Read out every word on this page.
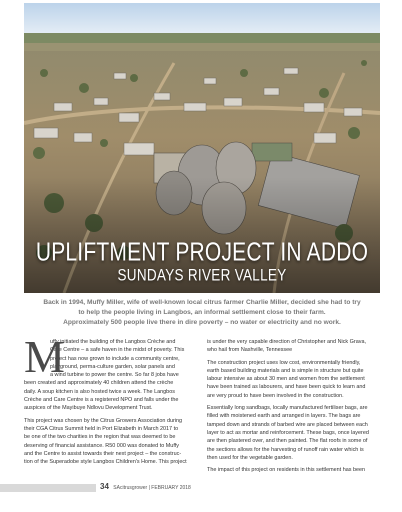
UPLIFTMENT PROJECT IN ADDO
SUNDAYS RIVER VALLEY
Back in 1994, Muffy Miller, wife of well-known local citrus farmer Charlie Miller, decided she had to try
to help the people living in Langbos, an informal settlement close to their farm.
Approximately 500 people live there in dire poverty – no water or electricity and no work.

M
uffy initiated the building of the Langbos Crèche and
Care Centre – a safe haven in the midst of poverty. This
project has now grown to include a community centre,
playground, perma-culture garden, solar panels and
a wind turbine to power the centre. So far 8 jobs have
been created and approximately 40 children attend the crèche
daily. A soup kitchen is also hosted twice a week. The Langbos
Crèche and Care Centre is a registered NPO and falls under the
auspices of the Mayibuye Ndlovu Development Trust.

This project was chosen by the Citrus Growers Association during
their CGA Citrus Summit held in Port Elizabeth in March 2017 to
be one of the two charities in the region that was deemed to be
deserving of financial assistance. R50 000 was donated to Muffy
and the Centre to assist towards their next project – the construc-
tion of the Superadobe style Langbos Children's Home. This project

is under the very capable direction of Christopher and Nick Grava,
who hail from Nashville, Tennessee

The construction project uses low cost, environmentally friendly,
earth based building materials and is simple in structure but quite
labour intensive as about 30 men and women from the settlement
have been trained as labourers, and have been quick to learn and
are very proud to have been involved in the construction.

Essentially long sandbags, locally manufactured fertiliser bags, are
filled with moistened earth and arranged in layers. The bags are
tamped down and strands of barbed wire are placed between each
layer to act as mortar and reinforcement. These bags, once layered
are then plastered over, and then painted. The flat roofs in some of
the sections allows for the harvesting of runoff rain water which is
then used for the vegetable garden.

The impact of this project on residents in this settlement has been

34 SAcitrusgrower | FEBRUARY 2018
